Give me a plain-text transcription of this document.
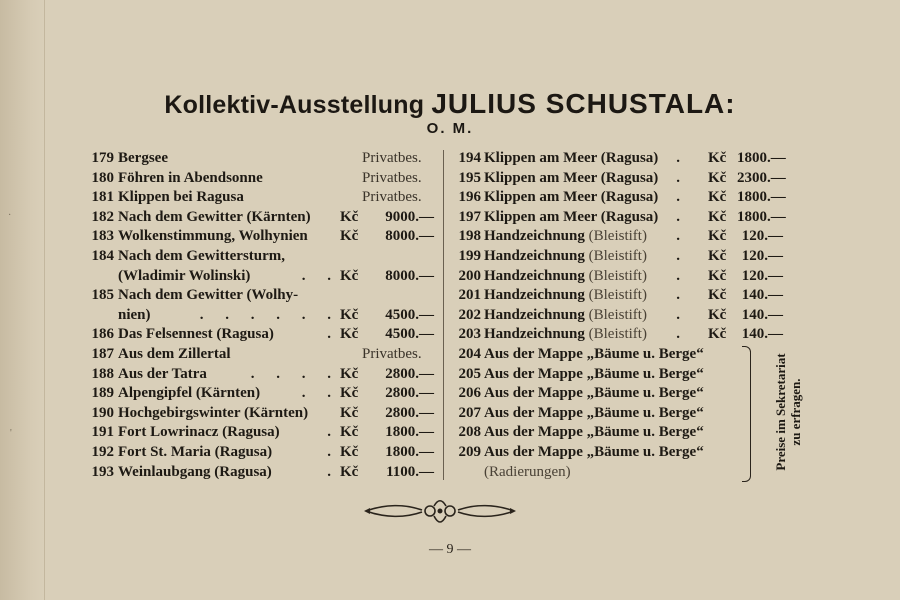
Kollektiv-Ausstellung JULIUS SCHUSTALA:
O. M.
179 Bergsee	Privatbes.
180 Föhren in Abendsonne	Privatbes.
181 Klippen bei Ragusa	Privatbes.
182 Nach dem Gewitter (Kärnten) Kč	9000.—
183 Wolkenstimmung, Wolhynien Kč	8000.—
184 Nach dem Gewittersturm,
(Wladimir Wolinski)	. . Kč	8000.—
185 Nach dem Gewitter (Wolhy-
nien)	. . . . . . Kč	4500.—
186 Das Felsennest (Ragusa)	. Kč	4500.—
187 Aus dem Zillertal	Privatbes.
188 Aus der Tatra	. . . . Kč	2800.—
189 Alpengipfel (Kärnten)	. . Kč	2800.—
190 Hochgebirgswinter (Kärnten) Kč	2800.—
191 Fort Lowrinacz (Ragusa)	. Kč	1800.—
192 Fort St. Maria (Ragusa)	. Kč	1800.—
193 Weinlaubgang (Ragusa)	. Kč	1100.—
194 Klippen am Meer (Ragusa) . Kč 1800.—
195 Klippen am Meer (Ragusa) . Kč 2300.—
196 Klippen am Meer (Ragusa) . Kč 1800.—
197 Klippen am Meer (Ragusa) . Kč 1800.—
198 Handzeichnung (Bleistift) . Kč	120.—
199 Handzeichnung (Bleistift) . Kč	120.—
200 Handzeichnung (Bleistift) . Kč	120.—
201 Handzeichnung (Bleistift) . Kč	140.—
202 Handzeichnung (Bleistift) . Kč	140.—
203 Handzeichnung (Bleistift) . Kč	140.—
204 Aus der Mappe „Bäume u. Berge“
205 Aus der Mappe „Bäume u. Berge“
206 Aus der Mappe „Bäume u. Berge“
207 Aus der Mappe „Bäume u. Berge“
208 Aus der Mappe „Bäume u. Berge“
209 Aus der Mappe „Bäume u. Berge“
(Radierungen)
Preise im Sekretariat zu erfragen.
— 9 —
·
'
